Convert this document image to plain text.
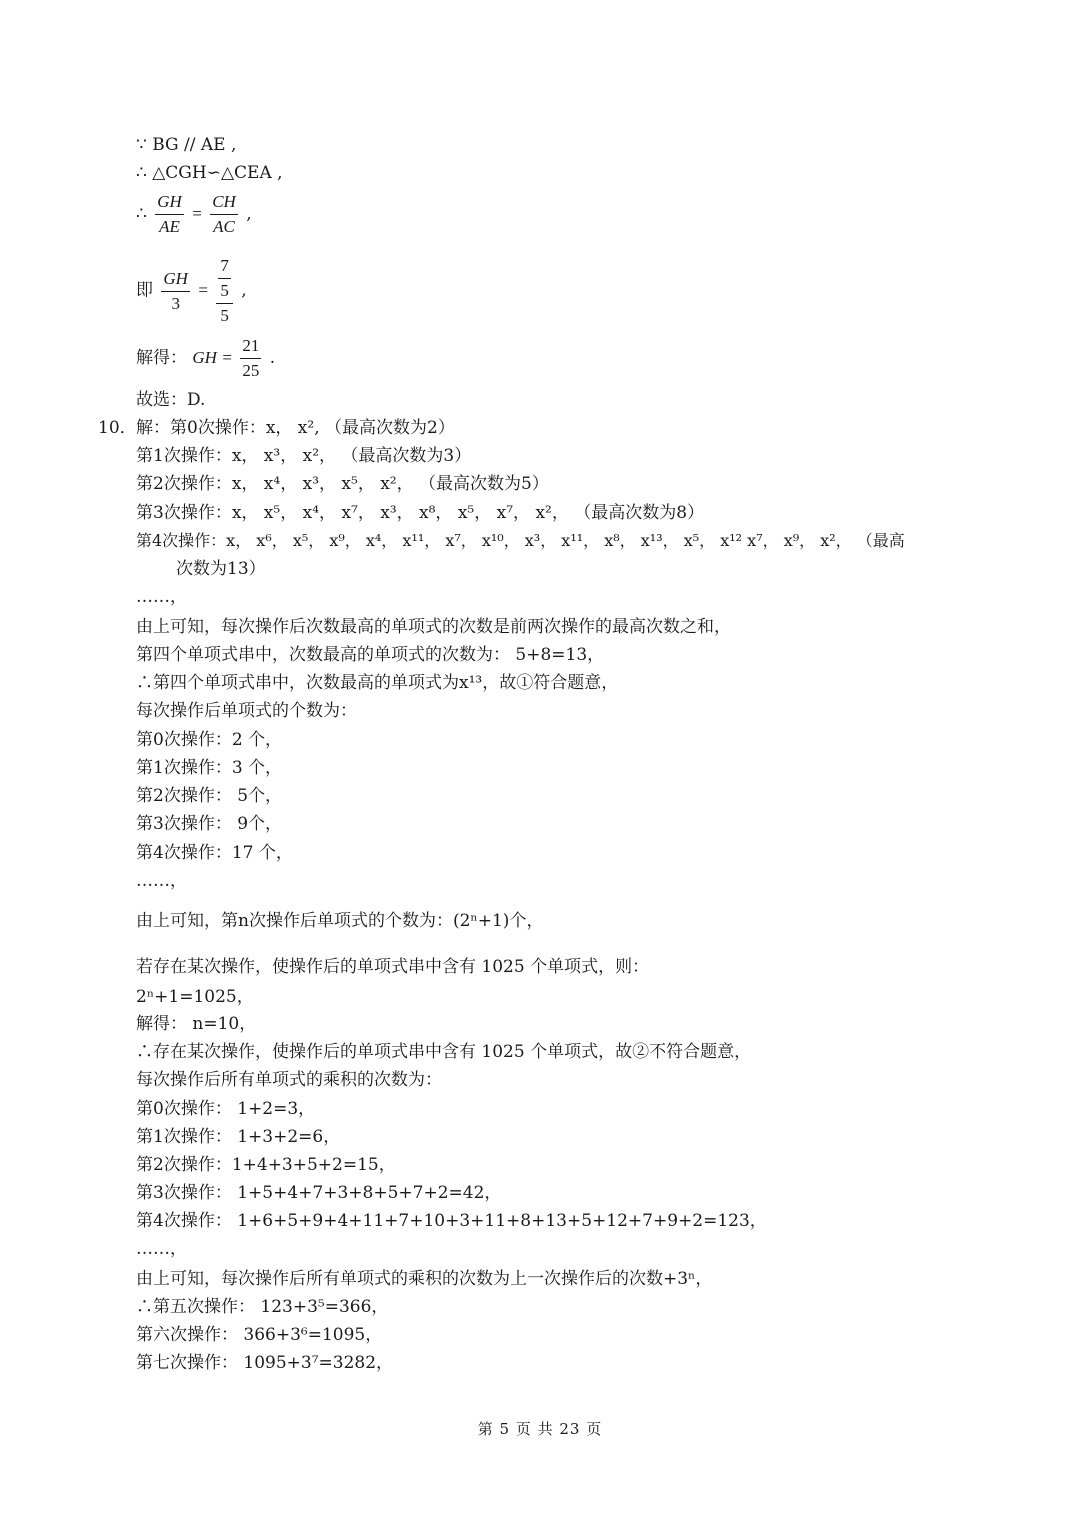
∵ BG // AE ,
∴ △CGH∽△CEA ,
∴ $\frac{GH}{AE} = \frac{CH}{AC}$ ,
即 $\frac{GH}{3} = \frac{\frac{7}{5}}{5}$ ,
解得： GH = $\frac{21}{25}$ .
故选：D.
10． 解：第0次操作：x， x², （最高次数为2）
第1次操作：x， x³， x²， （最高次数为3）
第2次操作：x， x⁴， x³， x⁵， x²， （最高次数为5）
第3次操作：x， x⁵， x⁴， x⁷， x³， x⁸， x⁵， x⁷， x²， （最高次数为8）
第4次操作：x， x⁶， x⁵， x⁹， x⁴， x¹¹， x⁷， x¹⁰， x³， x¹¹， x⁸， x¹³， x⁵， x¹² x⁷， x⁹， x²， （最高
次数为13）
……，
由上可知，每次操作后次数最高的单项式的次数是前两次操作的最高次数之和，
第四个单项式串中，次数最高的单项式的次数为： 5+8=13，
∴第四个单项式串中，次数最高的单项式为x¹³，故①符合题意，
每次操作后单项式的个数为：
第0次操作：2 个，
第1次操作：3 个，
第2次操作： 5个，
第3次操作： 9个，
第4次操作：17 个，
……，
由上可知，第n次操作后单项式的个数为：(2ⁿ+1)个，
若存在某次操作，使操作后的单项式串中含有 1025 个单项式，则：
2ⁿ+1=1025，
解得： n=10，
∴存在某次操作，使操作后的单项式串中含有 1025 个单项式，故②不符合题意，
每次操作后所有单项式的乘积的次数为：
第0次操作： 1+2=3，
第1次操作： 1+3+2=6，
第2次操作：1+4+3+5+2=15，
第3次操作： 1+5+4+7+3+8+5+7+2=42，
第4次操作： 1+6+5+9+4+11+7+10+3+11+8+13+5+12+7+9+2=123，
……，
由上可知，每次操作后所有单项式的乘积的次数为上一次操作后的次数+3ⁿ，
∴第五次操作： 123+3⁵=366，
第六次操作： 366+3⁶=1095，
第七次操作： 1095+3⁷=3282，
第 5 页 共 23 页
